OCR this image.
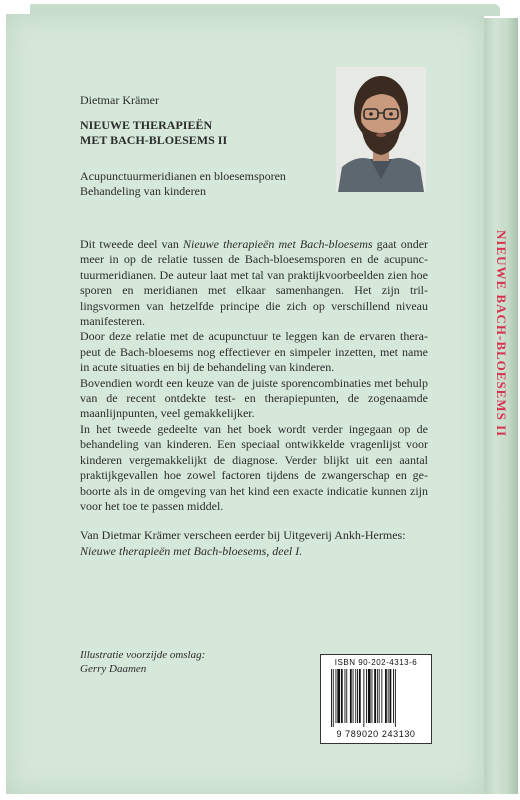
NIEUWE BACH-BLOESEMS II
Dietmar Krämer
NIEUWE THERAPIEËN
MET BACH-BLOESEMS II
Acupunctuurmeridianen en bloesemsporen
Behandeling van kinderen

Dit tweede deel van Nieuwe therapieën met Bach-bloesems gaat onder meer in op de relatie tussen de Bach-bloesemsporen en de acupunc-tuurmeridianen. De auteur laat met tal van praktijkvoorbeelden zien hoe sporen en meridianen met elkaar samenhangen. Het zijn tril-lingsvormen van hetzelfde principe die zich op verschillend niveau manifesteren.

Door deze relatie met de acupunctuur te leggen kan de ervaren thera-peut de Bach-bloesems nog effectiever en simpeler inzetten, met name in acute situaties en bij de behandeling van kinderen.

Bovendien wordt een keuze van de juiste sporencombinaties met behulp van de recent ontdekte test- en therapiepunten, de zogenaamde maanlijnpunten, veel gemakkelijker.

In het tweede gedeelte van het boek wordt verder ingegaan op de behandeling van kinderen. Een speciaal ontwikkelde vragenlijst voor kinderen vergemakkelijkt de diagnose. Verder blijkt uit een aantal praktijkgevallen hoe zowel factoren tijdens de zwangerschap en ge-boorte als in de omgeving van het kind een exacte indicatie kunnen zijn voor het toe te passen middel.

Van Dietmar Krämer verscheen eerder bij Uitgeverij Ankh-Hermes:
Nieuwe therapieën met Bach-bloesems, deel I.

Illustratie voorzijde omslag:
Gerry Daamen
ISBN 90-202-4313-6
9 789020 243130
